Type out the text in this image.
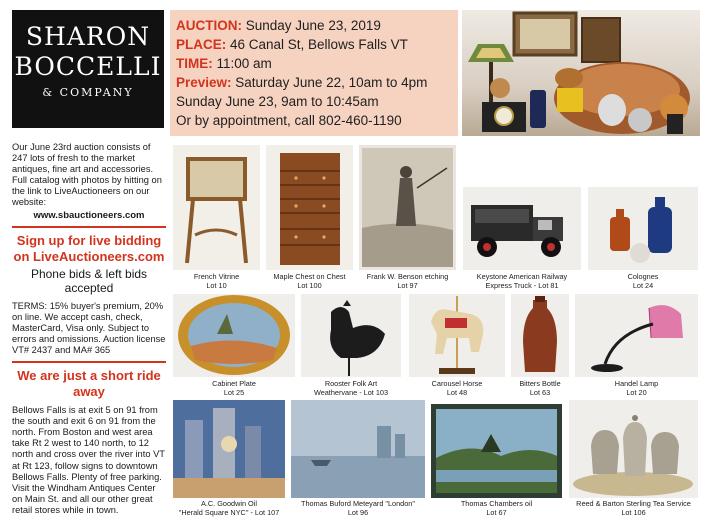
SHARON
BOCCELLI
& COMPANY
AUCTION: Sunday June 23, 2019
PLACE: 46 Canal St, Bellows Falls VT
TIME: 11:00 am
Preview: Saturday June 22, 10am to 4pm
Sunday June 23, 9am to 10:45am
Or by appointment, call 802-460-1190
Our June 23rd auction consists of 247 lots of fresh to the market antiques, fine art and accessories. Full catalog with photos by hitting on the link to LiveAuctioneers on our website:
www.sbauctioneers.com
Sign up for live bidding on LiveAuctioneers.com
Phone bids & left bids accepted
TERMS: 15% buyer's premium, 20% on line. We accept cash, check, MasterCard, Visa only. Subject to errors and omissions. Auction license VT# 2437 and MA# 365
We are just a short ride away
Bellows Falls is at exit 5 on 91 from the south and exit 6 on 91 from the north. From Boston and west area take Rt 2 west to 140 north, to 12 north and cross over the river into VT at Rt 123, follow signs to downtown Bellows Falls. Plenty of free parking. Visit the Windham Antiques Center on Main St. and all our other great retail stores while in town.
French Vitrine
Lot 10
Maple Chest on Chest
Lot 100
Frank W. Benson etching
Lot 97
Keystone American Railway
Express Truck - Lot 81
Colognes
Lot 24
Cabinet Plate
Lot 25
Rooster Folk Art
Weathervane - Lot 103
Carousel Horse
Lot 48
Bitters Bottle
Lot 63
Handel Lamp
Lot 20
A.C. Goodwin Oil
"Herald Square NYC" - Lot 107
Thomas Buford Meteyard "London"
Lot 96
Thomas Chambers oil
Lot 67
Reed & Barton Sterling Tea Service
Lot 106
